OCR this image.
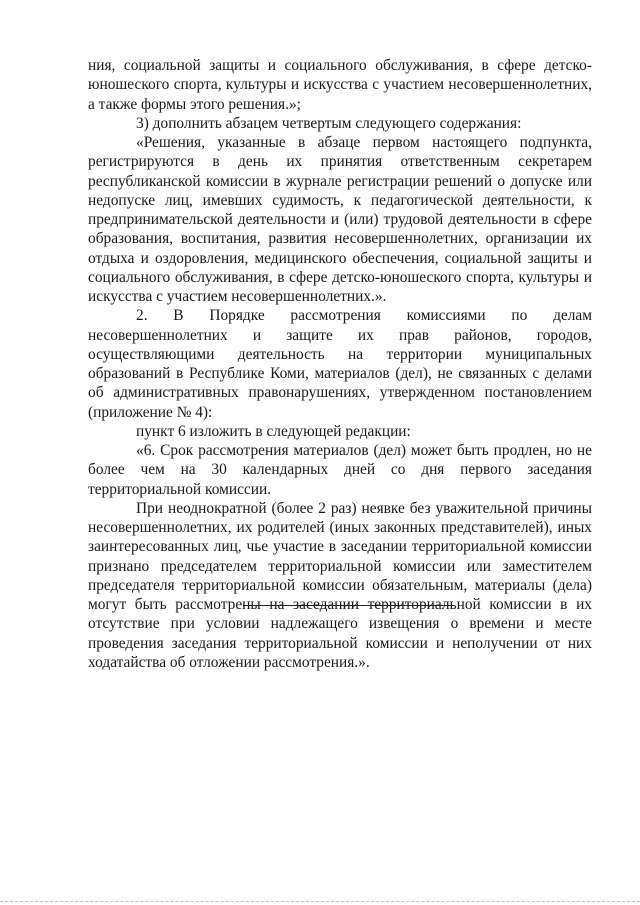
ния, социальной защиты и социального обслуживания, в сфере детско-юношеского спорта, культуры и искусства с участием несовершеннолетних, а также формы этого решения.»;

3) дополнить абзацем четвертым следующего содержания:

«Решения, указанные в абзаце первом настоящего подпункта, регистрируются в день их принятия ответственным секретарем республиканской комиссии в журнале регистрации решений о допуске или недопуске лиц, имевших судимость, к педагогической деятельности, к предпринимательской деятельности и (или) трудовой деятельности в сфере образования, воспитания, развития несовершеннолетних, организации их отдыха и оздоровления, медицинского обеспечения, социальной защиты и социального обслуживания, в сфере детско-юношеского спорта, культуры и искусства с участием несовершеннолетних.».

2. В Порядке рассмотрения комиссиями по делам несовершеннолетних и защите их прав районов, городов, осуществляющими деятельность на территории муниципальных образований в Республике Коми, материалов (дел), не связанных с делами об административных правонарушениях, утвержденном постановлением (приложение № 4):

пункт 6 изложить в следующей редакции:

«6. Срок рассмотрения материалов (дел) может быть продлен, но не более чем на 30 календарных дней со дня первого заседания территориальной комиссии.

При неоднократной (более 2 раз) неявке без уважительной причины несовершеннолетних, их родителей (иных законных представителей), иных заинтересованных лиц, чье участие в заседании территориальной комиссии признано председателем территориальной комиссии или заместителем председателя территориальной комиссии обязательным, материалы (дела) могут быть рассмотрены на заседании территориальной комиссии в их отсутствие при условии надлежащего извещения о времени и месте проведения заседания территориальной комиссии и неполучении от них ходатайства об отложении рассмотрения.».
